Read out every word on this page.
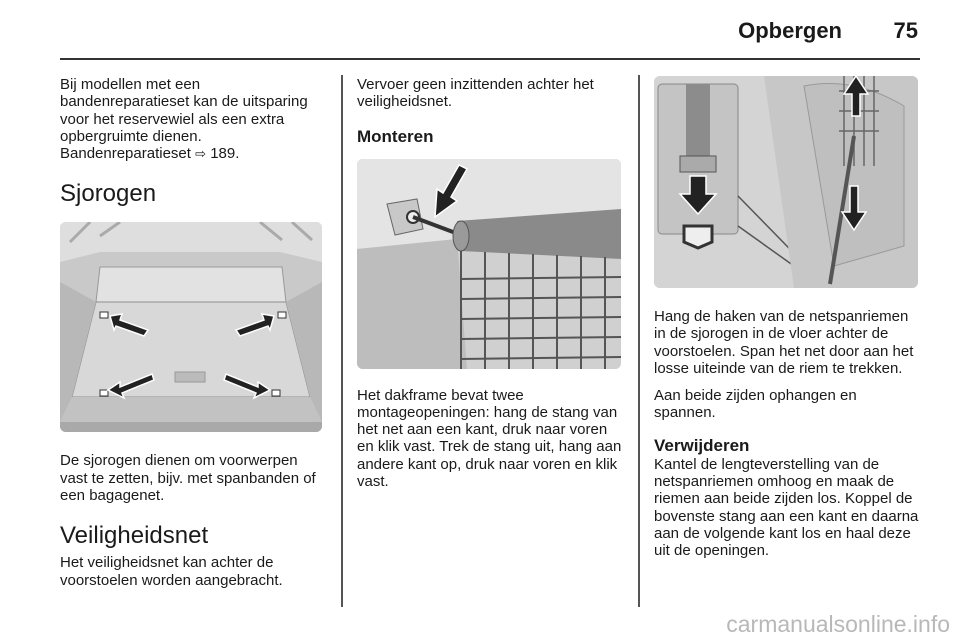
Opbergen 75

Bij modellen met een bandenreparatieset kan de uitsparing voor het reservewiel als een extra opbergruimte dienen. Bandenreparatieset ⇨ 189.

Sjorogen

De sjorogen dienen om voorwerpen vast te zetten, bijv. met spanbanden of een bagagenet.

Veiligheidsnet

Het veiligheidsnet kan achter de voorstoelen worden aangebracht.

Vervoer geen inzittenden achter het veiligheidsnet.

Monteren

Het dakframe bevat twee montageopeningen: hang de stang van het net aan een kant, druk naar voren en klik vast. Trek de stang uit, hang aan andere kant op, druk naar voren en klik vast.

Hang de haken van de netspanriemen in de sjorogen in de vloer achter de voorstoelen. Span het net door aan het losse uiteinde van de riem te trekken.

Aan beide zijden ophangen en spannen.

Verwijderen

Kantel de lengteverstelling van de netspanriemen omhoog en maak de riemen aan beide zijden los. Koppel de bovenste stang aan een kant en daarna aan de volgende kant los en haal deze uit de openingen.

carmanualsonline.info
